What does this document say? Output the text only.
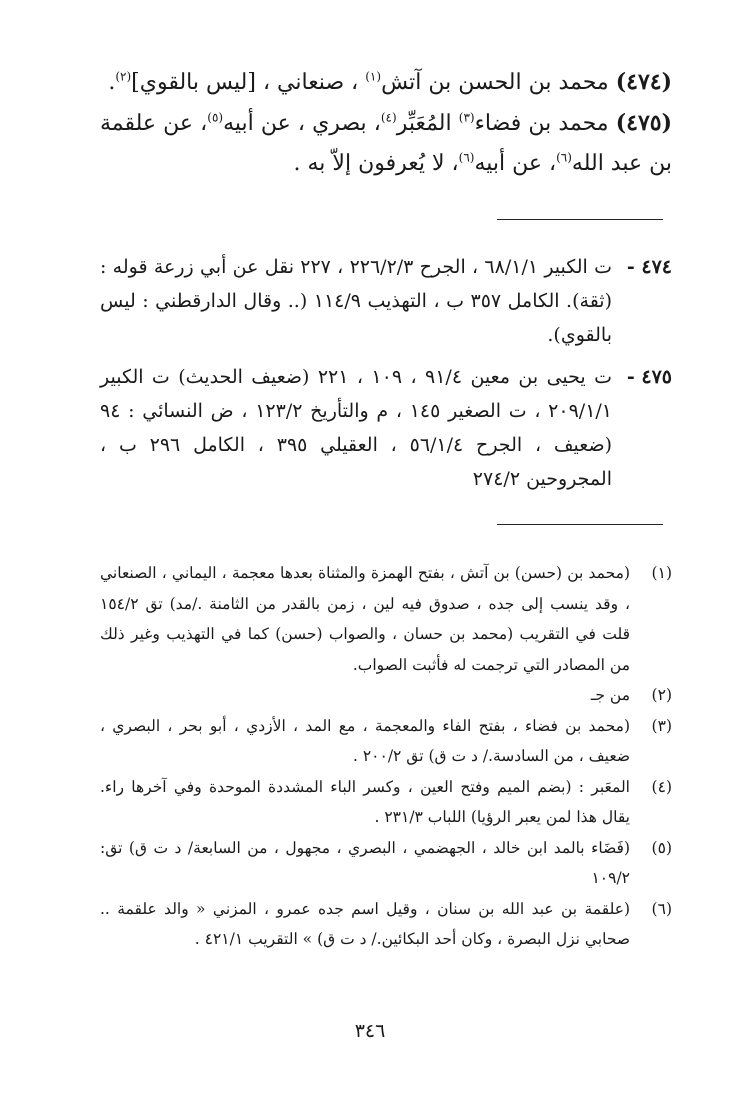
(٤٧٤) محمد بن الحسن بن آتش$^{(١)}$ ، صنعاني ، [ليس بالقوي]$^{(٢)}$.

(٤٧٥) محمد بن فضاء$^{(٣)}$ المُعَبِّر$^{(٤)}$، بصري ، عن أبيه$^{(٥)}$، عن علقمة بن عبد الله$^{(٦)}$، عن أبيه$^{(٦)}$، لا يُعرفون إلاّ به .

٤٧٤ -
ت الكبير ٦٨/١/١ ، الجرح ٢٢٦/٢/٣ ، ٢٢٧ نقل عن أبي زرعة قوله : (ثقة). الكامل ٣٥٧ ب ، التهذيب ١١٤/٩ (.. وقال الدارقطني : ليس بالقوي).
٤٧٥ -
ت يحيى بن معين ٩١/٤ ، ١٠٩ ، ٢٢١ (ضعيف الحديث) ت الكبير ٢٠٩/١/١ ، ت الصغير ١٤٥ ، م والتأريخ ١٢٣/٢ ، ض النسائي : ٩٤ (ضعيف ، الجرح ٥٦/١/٤ ، العقيلي ٣٩٥ ، الكامل ٢٩٦ ب ، المجروحين ٢٧٤/٢
(١)
(محمد بن (حسن) بن آتش ، بفتح الهمزة والمثناة بعدها معجمة ، اليماني ، الصنعاني ، وقد ينسب إلى جده ، صدوق فيه لين ، زمن بالقدر من الثامنة ./مد) تق ١٥٤/٢ قلت في التقريب (محمد بن حسان ، والصواب (حسن) كما في التهذيب وغير ذلك من المصادر التي ترجمت له فأثبت الصواب.
(٢)
من جـ
(٣)
(محمد بن فضاء ، بفتح الفاء والمعجمة ، مع المد ، الأزدي ، أبو بحر ، البصري ، ضعيف ، من السادسة./ د ت ق) تق ٢٠٠/٢ .
(٤)
المعَبر : (بضم الميم وفتح العين ، وكسر الباء المشددة الموحدة وفي آخرها راء. يقال هذا لمن يعبر الرؤيا) اللباب ٢٣١/٣ .
(٥)
(فَضَاء بالمد ابن خالد ، الجهضمي ، البصري ، مجهول ، من السابعة/ د ت ق) تق: ١٠٩/٢
(٦)
(علقمة بن عبد الله بن سنان ، وقيل اسم جده عمرو ، المزني « والد علقمة .. صحابي نزل البصرة ، وكان أحد البكائين./ د ت ق) » التقريب ٤٢١/١ .
٣٤٦
